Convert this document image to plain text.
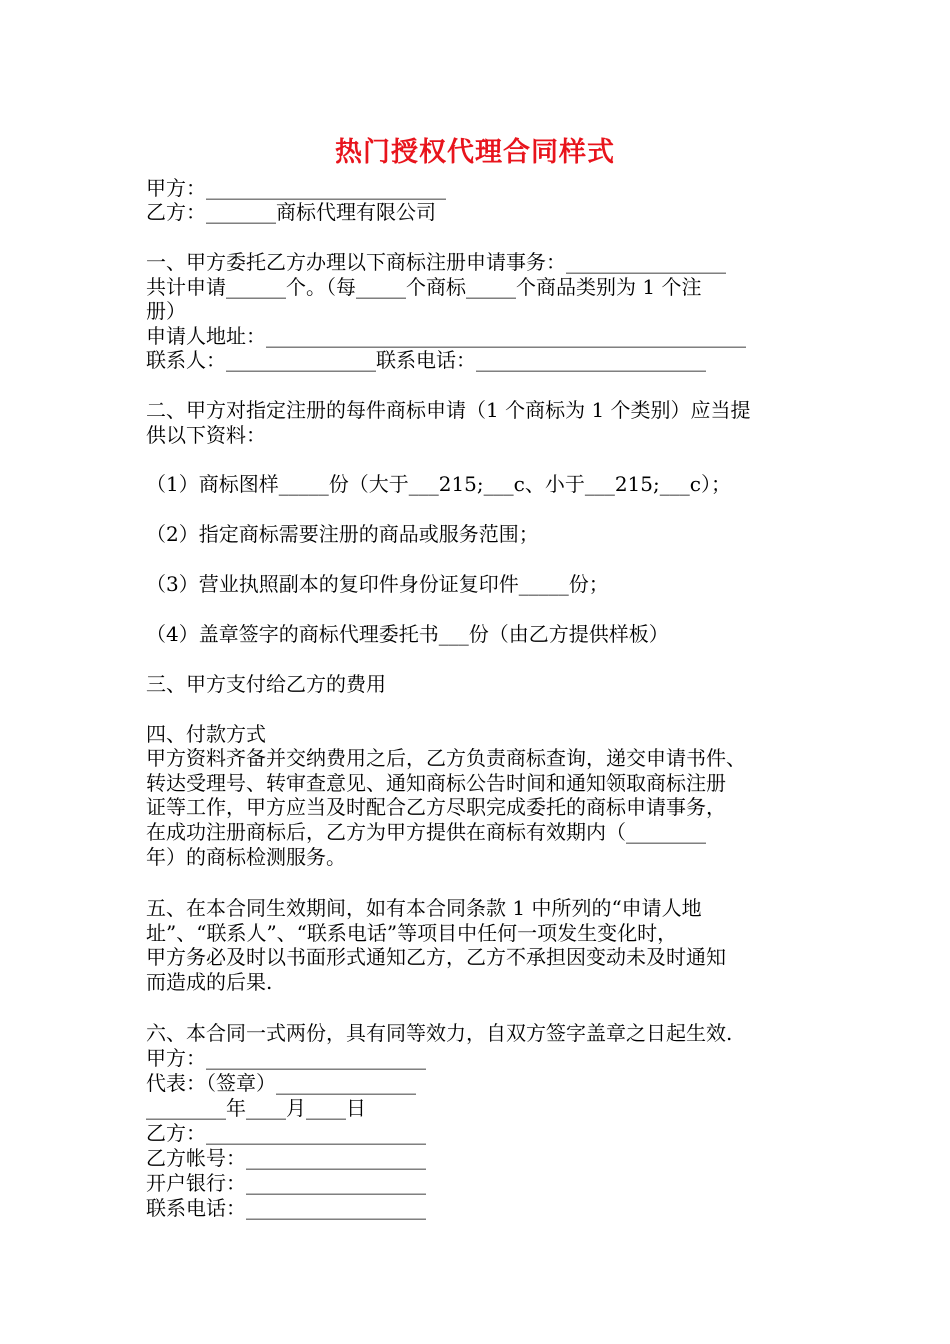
热门授权代理合同样式
甲方：________________________
乙方：_______商标代理有限公司
一、甲方委托乙方办理以下商标注册申请事务：________________
共计申请______个。（每_____个商标_____个商品类别为 1 个注
册）
申请人地址：________________________________________________
联系人：_______________联系电话：_______________________
二、甲方对指定注册的每件商标申请（1 个商标为 1 个类别）应当提
供以下资料：
（1）商标图样_____份（大于___215;___c、小于___215;___c）；
（2）指定商标需要注册的商品或服务范围；
（3）营业执照副本的复印件身份证复印件_____份；
（4）盖章签字的商标代理委托书___份（由乙方提供样板）
三、甲方支付给乙方的费用
四、付款方式
甲方资料齐备并交纳费用之后，乙方负责商标查询，递交申请书件、
转达受理号、转审查意见、通知商标公告时间和通知领取商标注册
证等工作，甲方应当及时配合乙方尽职完成委托的商标申请事务，
在成功注册商标后，乙方为甲方提供在商标有效期内（________
年）的商标检测服务。
五、在本合同生效期间，如有本合同条款 1 中所列的“申请人地
址”、“联系人”、“联系电话”等项目中任何一项发生变化时，
甲方务必及时以书面形式通知乙方，乙方不承担因变动未及时通知
而造成的后果.
六、本合同一式两份，具有同等效力，自双方签字盖章之日起生效.
甲方：______________________
代表：（签章）______________
________年____月____日
乙方：______________________
乙方帐号：__________________
开户银行：__________________
联系电话：__________________
